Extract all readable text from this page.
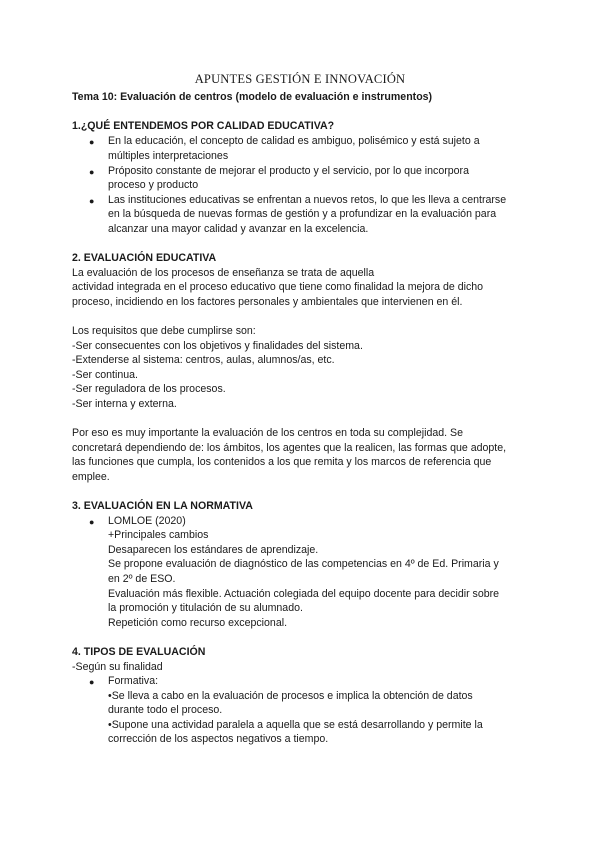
APUNTES GESTIÓN E INNOVACIÓN
Tema 10: Evaluación de centros (modelo de evaluación e instrumentos)
1.¿QUÉ ENTENDEMOS POR CALIDAD EDUCATIVA?
● En la educación, el concepto de calidad es ambiguo, polisémico y está sujeto a
múltiples interpretaciones
● Próposito constante de mejorar el producto y el servicio, por lo que incorpora
proceso y producto
● Las instituciones educativas se enfrentan a nuevos retos, lo que les lleva a centrarse
en la búsqueda de nuevas formas de gestión y a profundizar en la evaluación para
alcanzar una mayor calidad y avanzar en la excelencia.
2. EVALUACIÓN EDUCATIVA
La evaluación de los procesos de enseñanza se trata de aquella
actividad integrada en el proceso educativo que tiene como finalidad la mejora de dicho
proceso, incidiendo en los factores personales y ambientales que intervienen en él.
Los requisitos que debe cumplirse son:
-Ser consecuentes con los objetivos y finalidades del sistema.
-Extenderse al sistema: centros, aulas, alumnos/as, etc.
-Ser continua.
-Ser reguladora de los procesos.
-Ser interna y externa.
Por eso es muy importante la evaluación de los centros en toda su complejidad. Se
concretará dependiendo de: los ámbitos, los agentes que la realicen, las formas que adopte,
las funciones que cumpla, los contenidos a los que remita y los marcos de referencia que
emplee.
3. EVALUACIÓN EN LA NORMATIVA
● LOMLOE (2020)
+Principales cambios
Desaparecen los estándares de aprendizaje.
Se propone evaluación de diagnóstico de las competencias en 4º de Ed. Primaria y
en 2º de ESO.
Evaluación más flexible. Actuación colegiada del equipo docente para decidir sobre
la promoción y titulación de su alumnado.
Repetición como recurso excepcional.
4. TIPOS DE EVALUACIÓN
-Según su finalidad
● Formativa:
•Se lleva a cabo en la evaluación de procesos e implica la obtención de datos
durante todo el proceso.
•Supone una actividad paralela a aquella que se está desarrollando y permite la
corrección de los aspectos negativos a tiempo.
